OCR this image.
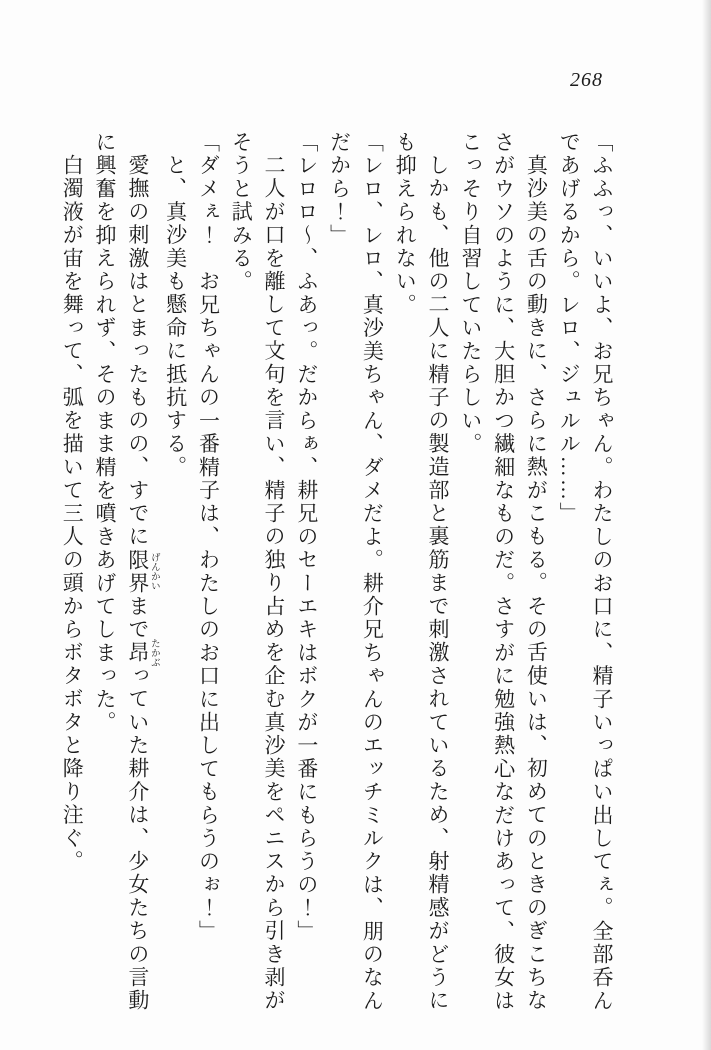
268

「ふふっ、いいよ、お兄ちゃん。わたしのお口に、精子いっぱい出してぇ。全部呑んであげるから。レロ、ジュルル……」

真沙美の舌の動きに、さらに熱がこもる。その舌使いは、初めてのときのぎこちなさがウソのように、大胆かつ繊細なものだ。さすがに勉強熱心なだけあって、彼女はこっそり自習していたらしい。

しかも、他の二人に精子の製造部と裏筋まで刺激されているため、射精感がどうにも抑えられない。

「レロ、レロ、真沙美ちゃん、ダメだよ。耕介兄ちゃんのエッチミルクは、朋のなんだから！」

「レロロ〜、ふあっ。だからぁ、耕兄のセーエキはボクが一番にもらうの！」

二人が口を離して文句を言い、精子の独り占めを企む真沙美をペニスから引き剥がそうと試みる。

「ダメぇ！　お兄ちゃんの一番精子は、わたしのお口に出してもらうのぉ！」

と、真沙美も懸命に抵抗する。

愛撫の刺激はとまったものの、すでに限界 げんかいまで昂 たかぶっていた耕介は、少女たちの言動に興奮を抑えられず、そのまま精を噴きあげてしまった。

白濁液が宙を舞って、弧を描いて三人の頭からボタボタと降り注ぐ。
